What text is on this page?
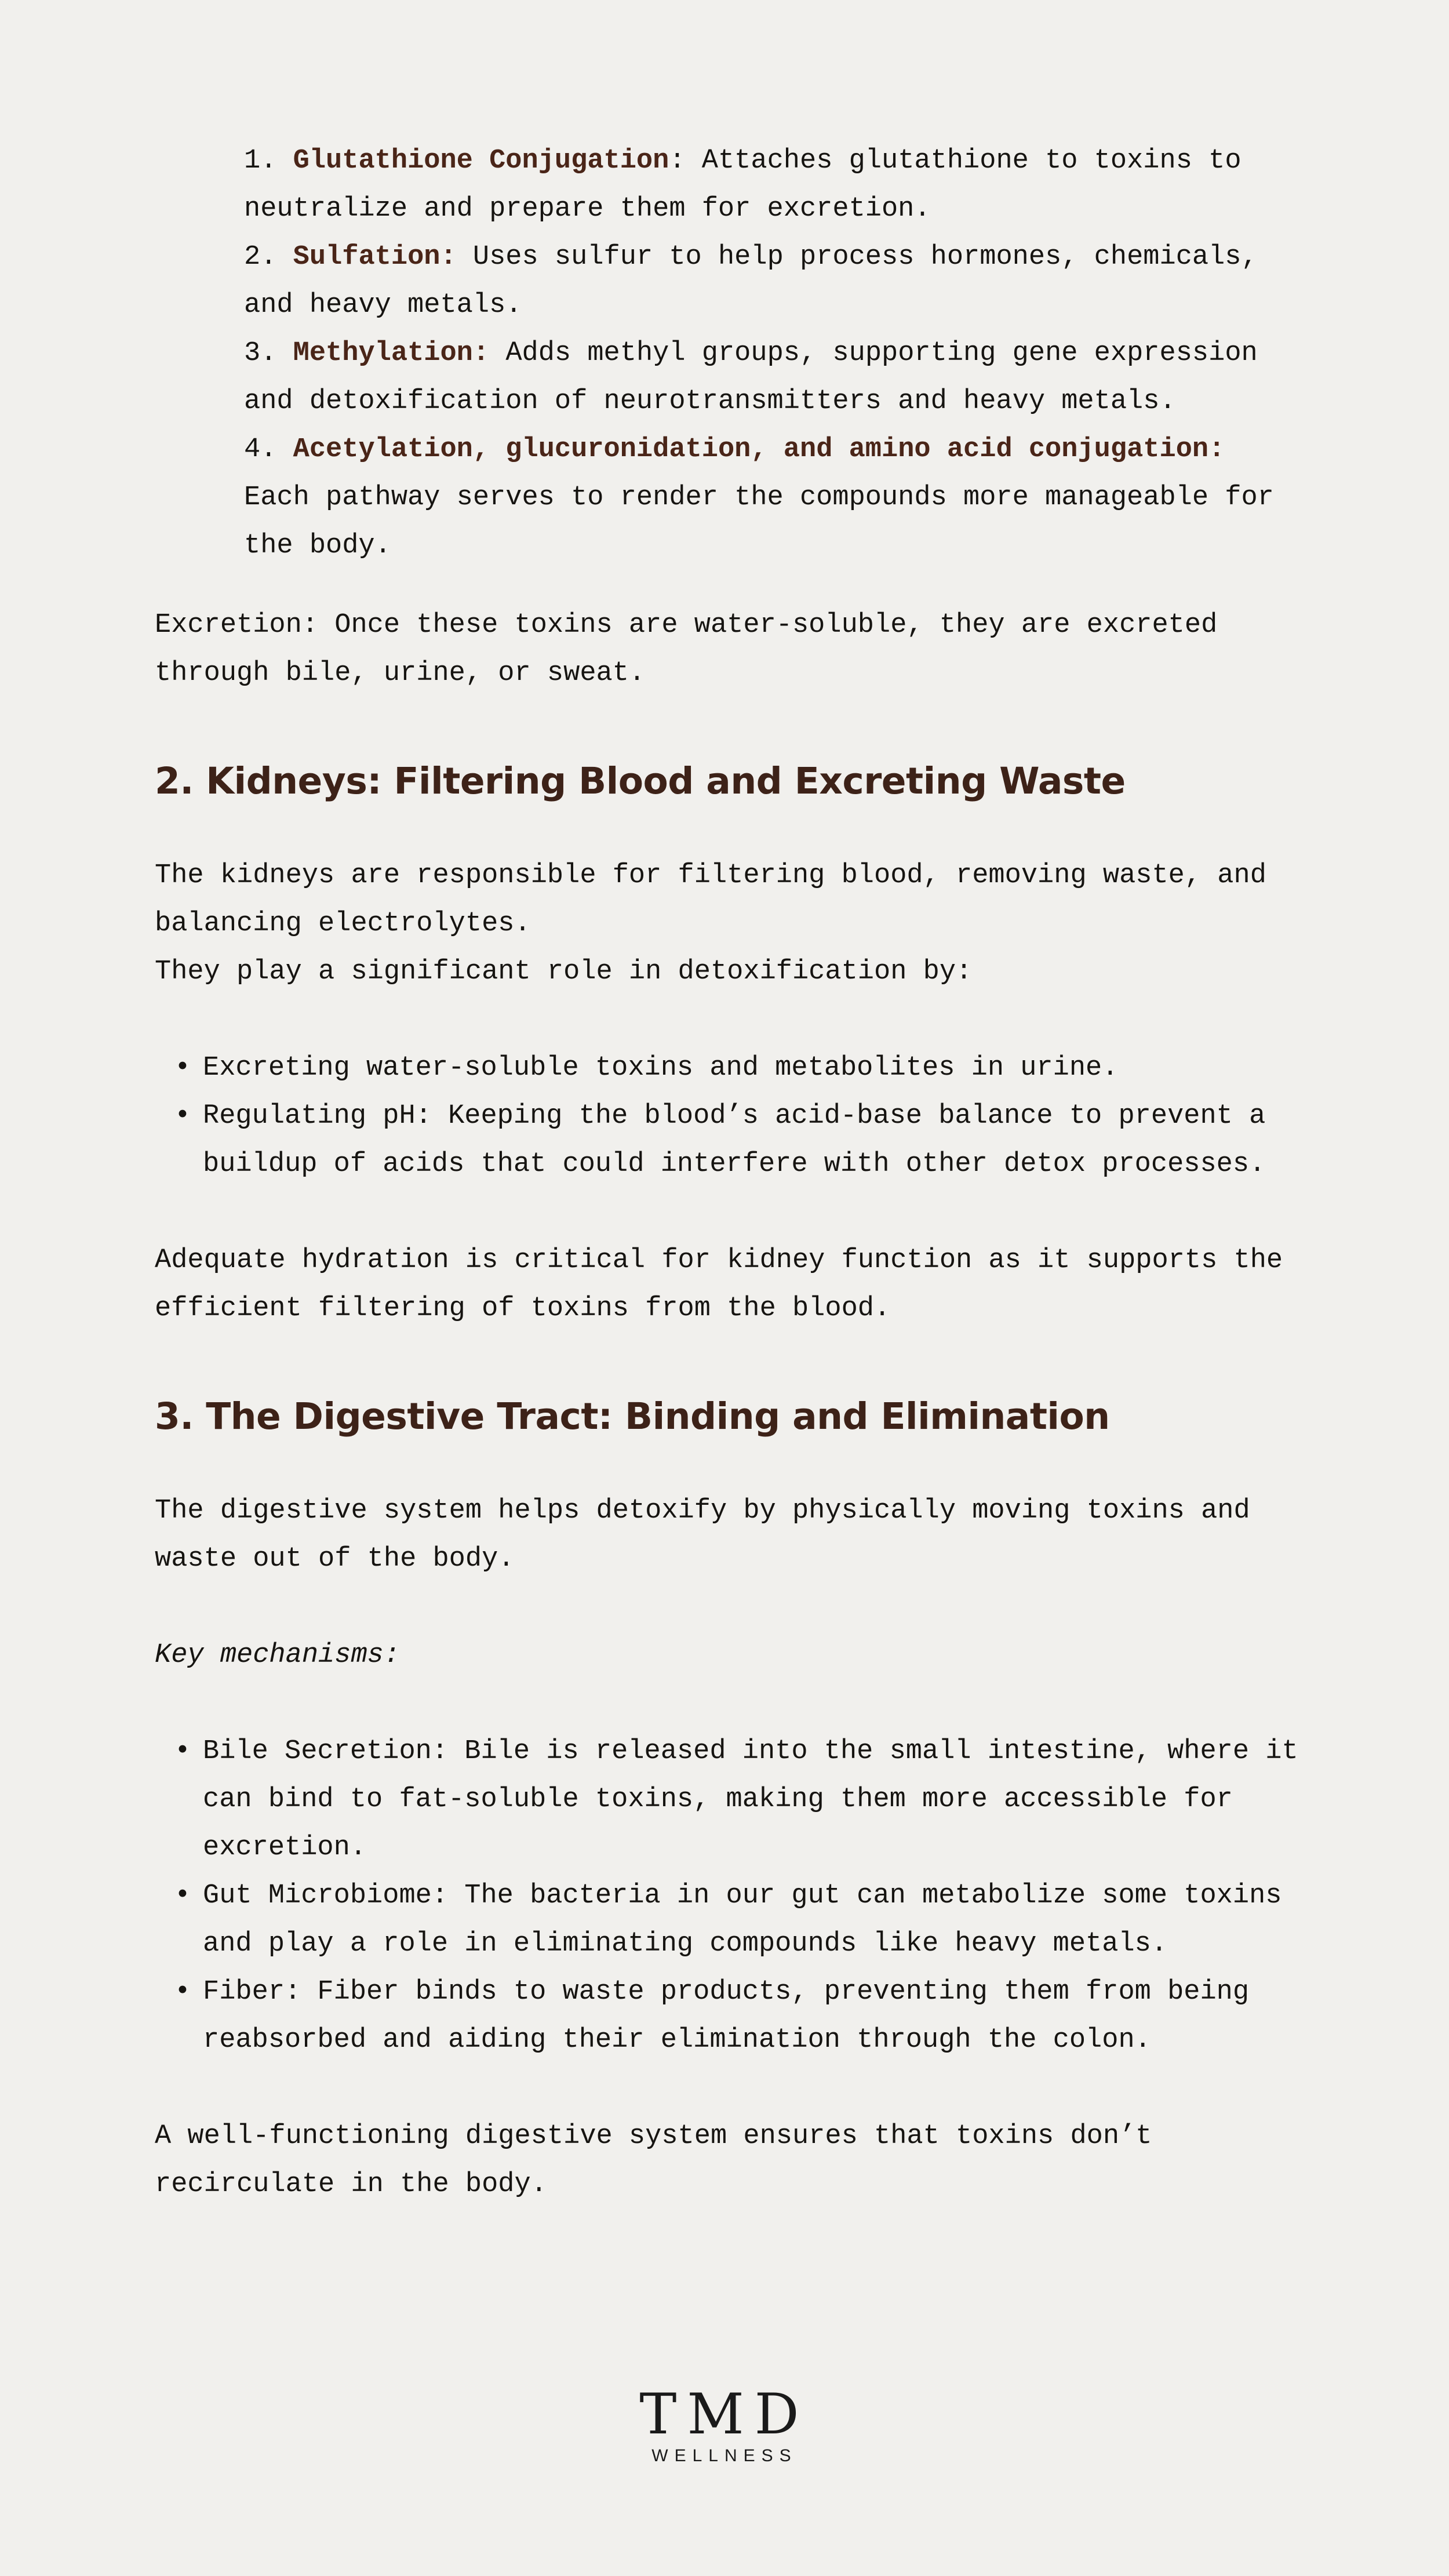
1. Glutathione Conjugation: Attaches glutathione to toxins to neutralize and prepare them for excretion.
2. Sulfation: Uses sulfur to help process hormones, chemicals, and heavy metals.
3. Methylation: Adds methyl groups, supporting gene expression and detoxification of neurotransmitters and heavy metals.
4. Acetylation, glucuronidation, and amino acid conjugation: Each pathway serves to render the compounds more manageable for the body.
Excretion: Once these toxins are water-soluble, they are excreted through bile, urine, or sweat.
2. Kidneys: Filtering Blood and Excreting Waste
The kidneys are responsible for filtering blood, removing waste, and balancing electrolytes.
They play a significant role in detoxification by:
• Excreting water-soluble toxins and metabolites in urine.
• Regulating pH: Keeping the blood’s acid-base balance to prevent a buildup of acids that could interfere with other detox processes.
Adequate hydration is critical for kidney function as it supports the efficient filtering of toxins from the blood.
3. The Digestive Tract: Binding and Elimination
The digestive system helps detoxify by physically moving toxins and waste out of the body.
Key mechanisms:
• Bile Secretion: Bile is released into the small intestine, where it can bind to fat-soluble toxins, making them more accessible for excretion.
• Gut Microbiome: The bacteria in our gut can metabolize some toxins and play a role in eliminating compounds like heavy metals.
• Fiber: Fiber binds to waste products, preventing them from being reabsorbed and aiding their elimination through the colon.
A well-functioning digestive system ensures that toxins don’t recirculate in the body.
TMD
WELLNESS
